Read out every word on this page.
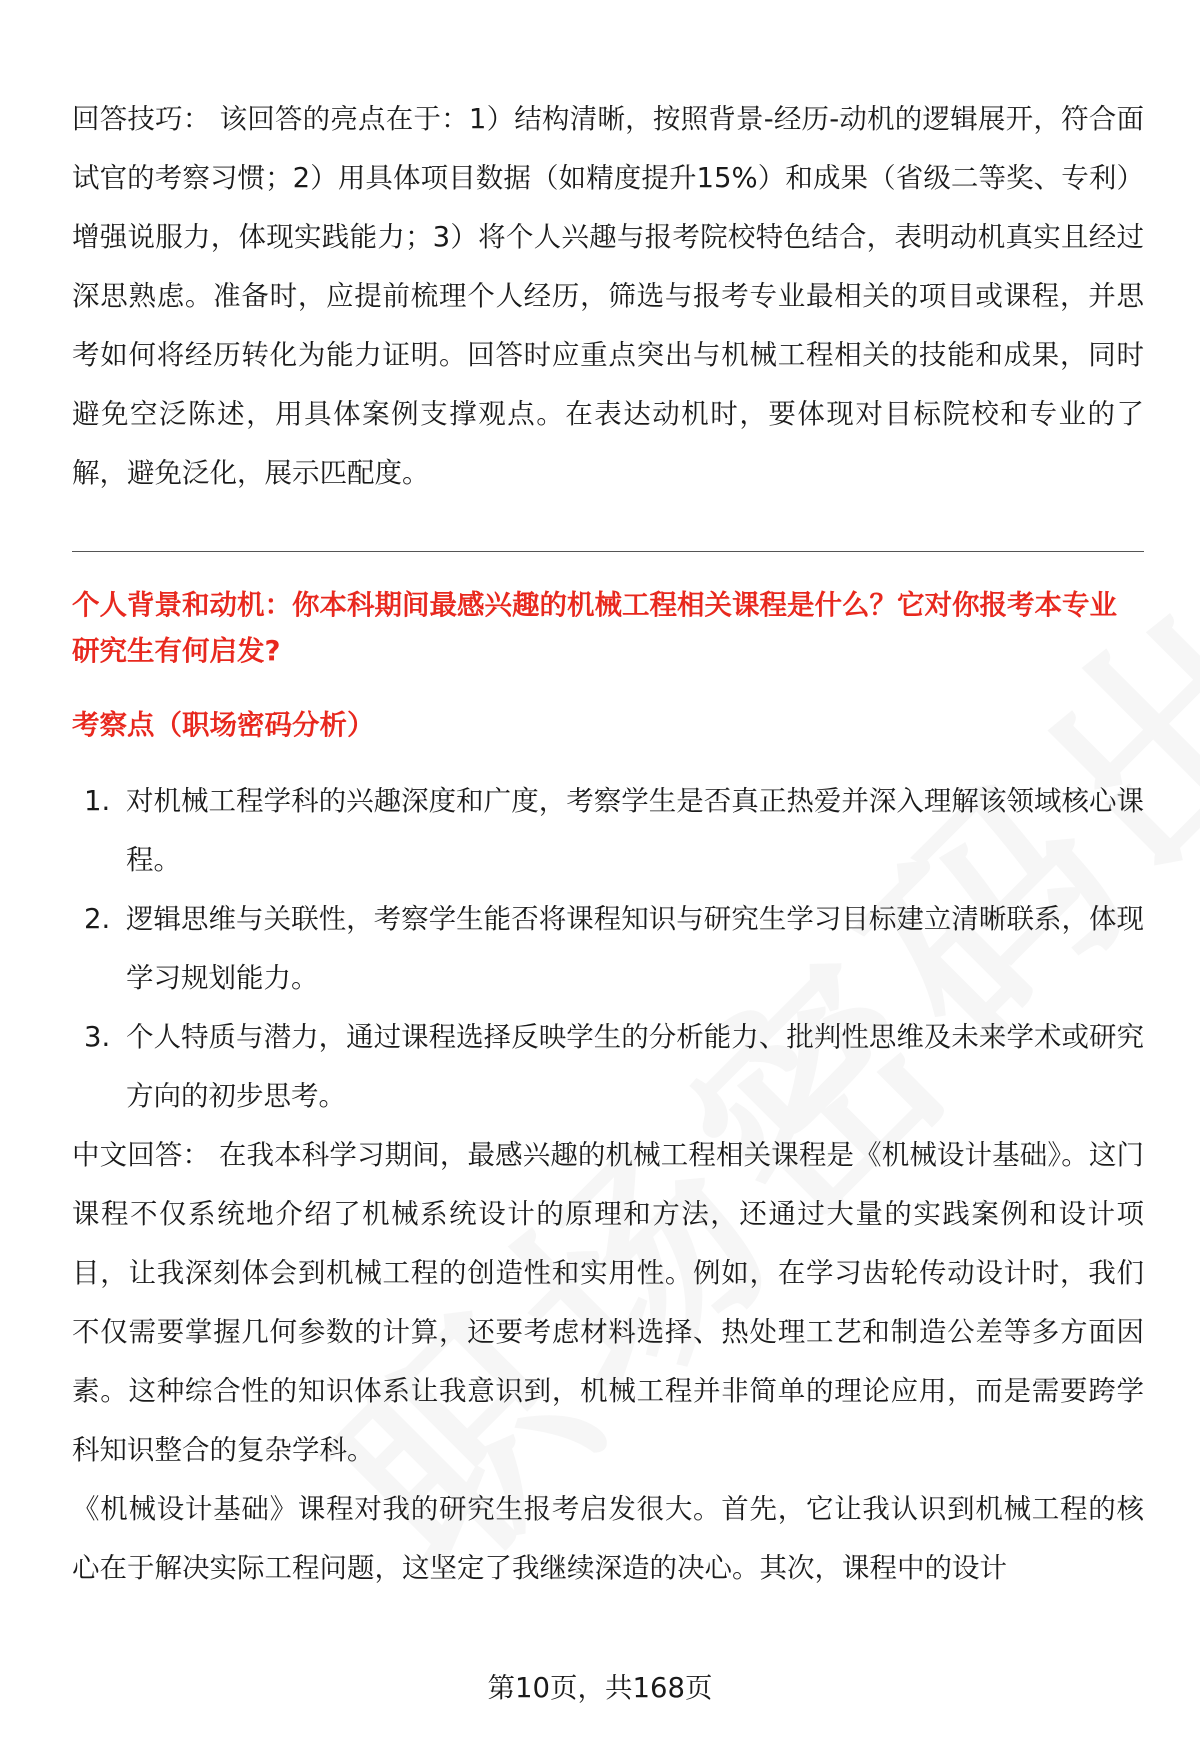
回答技巧： 该回答的亮点在于：1）结构清晰，按照背景-经历-动机的逻辑展开，符合面试官的考察习惯；2）用具体项目数据（如精度提升15%）和成果（省级二等奖、专利）增强说服力，体现实践能力；3）将个人兴趣与报考院校特色结合，表明动机真实且经过深思熟虑。准备时，应提前梳理个人经历，筛选与报考专业最相关的项目或课程，并思考如何将经历转化为能力证明。回答时应重点突出与机械工程相关的技能和成果，同时避免空泛陈述，用具体案例支撑观点。在表达动机时，要体现对目标院校和专业的了解，避免泛化，展示匹配度。

个人背景和动机：你本科期间最感兴趣的机械工程相关课程是什么？它对你报考本专业研究生有何启发?
考察点（职场密码分析）
1. 对机械工程学科的兴趣深度和广度，考察学生是否真正热爱并深入理解该领域核心课程。
2. 逻辑思维与关联性，考察学生能否将课程知识与研究生学习目标建立清晰联系，体现学习规划能力。
3. 个人特质与潜力，通过课程选择反映学生的分析能力、批判性思维及未来学术或研究方向的初步思考。

中文回答： 在我本科学习期间，最感兴趣的机械工程相关课程是《机械设计基础》。这门课程不仅系统地介绍了机械系统设计的原理和方法，还通过大量的实践案例和设计项目，让我深刻体会到机械工程的创造性和实用性。例如，在学习齿轮传动设计时，我们不仅需要掌握几何参数的计算，还要考虑材料选择、热处理工艺和制造公差等多方面因素。这种综合性的知识体系让我意识到，机械工程并非简单的理论应用，而是需要跨学科知识整合的复杂学科。

《机械设计基础》课程对我的研究生报考启发很大。首先，它让我认识到机械工程的核心在于解决实际工程问题，这坚定了我继续深造的决心。其次，课程中的设计

第10页，共168页
